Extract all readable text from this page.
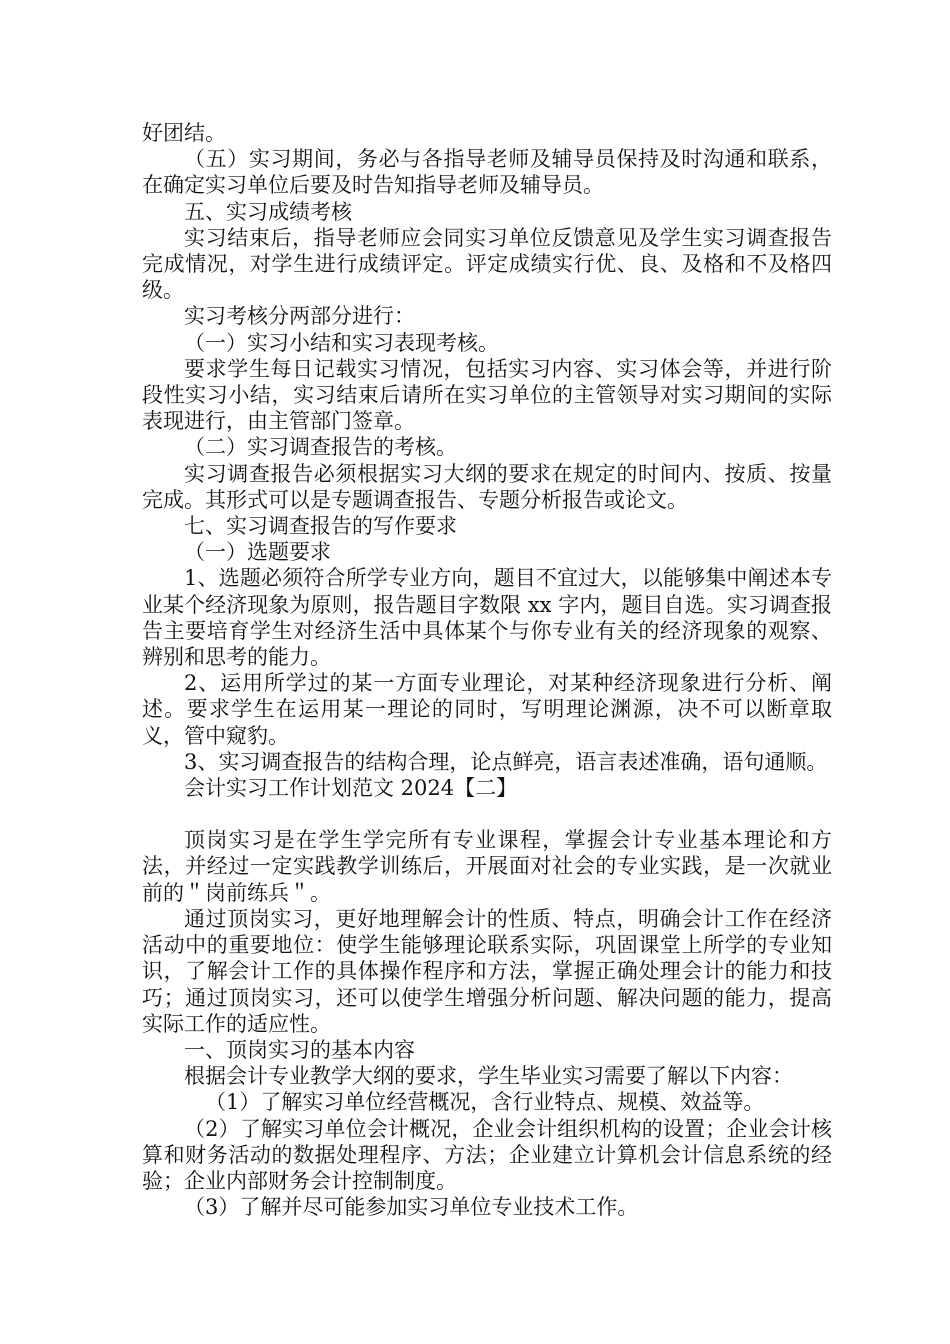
好团结。

（五）实习期间，务必与各指导老师及辅导员保持及时沟通和联系，在确定实习单位后要及时告知指导老师及辅导员。

五、实习成绩考核

实习结束后，指导老师应会同实习单位反馈意见及学生实习调查报告完成情况，对学生进行成绩评定。评定成绩实行优、良、及格和不及格四级。

实习考核分两部分进行：

（一）实习小结和实习表现考核。

要求学生每日记载实习情况，包括实习内容、实习体会等，并进行阶段性实习小结，实习结束后请所在实习单位的主管领导对实习期间的实际表现进行，由主管部门签章。

（二）实习调查报告的考核。

实习调查报告必须根据实习大纲的要求在规定的时间内、按质、按量完成。其形式可以是专题调查报告、专题分析报告或论文。

七、实习调查报告的写作要求

（一）选题要求

1、选题必须符合所学专业方向，题目不宜过大，以能够集中阐述本专业某个经济现象为原则，报告题目字数限 xx 字内，题目自选。实习调查报告主要培育学生对经济生活中具体某个与你专业有关的经济现象的观察、辨别和思考的能力。

2、运用所学过的某一方面专业理论，对某种经济现象进行分析、阐述。要求学生在运用某一理论的同时，写明理论渊源，决不可以断章取义，管中窥豹。

3、实习调查报告的结构合理，论点鲜亮，语言表述准确，语句通顺。

会计实习工作计划范文 2024【二】

顶岗实习是在学生学完所有专业课程，掌握会计专业基本理论和方法，并经过一定实践教学训练后，开展面对社会的专业实践，是一次就业前的＂岗前练兵＂。

通过顶岗实习，更好地理解会计的性质、特点，明确会计工作在经济活动中的重要地位：使学生能够理论联系实际，巩固课堂上所学的专业知识，了解会计工作的具体操作程序和方法，掌握正确处理会计的能力和技巧；通过顶岗实习，还可以使学生增强分析问题、解决问题的能力，提高实际工作的适应性。

一、顶岗实习的基本内容

根据会计专业教学大纲的要求，学生毕业实习需要了解以下内容：

（1）了解实习单位经营概况，含行业特点、规模、效益等。

（2）了解实习单位会计概况，企业会计组织机构的设置；企业会计核算和财务活动的数据处理程序、方法；企业建立计算机会计信息系统的经验；企业内部财务会计控制制度。

（3）了解并尽可能参加实习单位专业技术工作。
